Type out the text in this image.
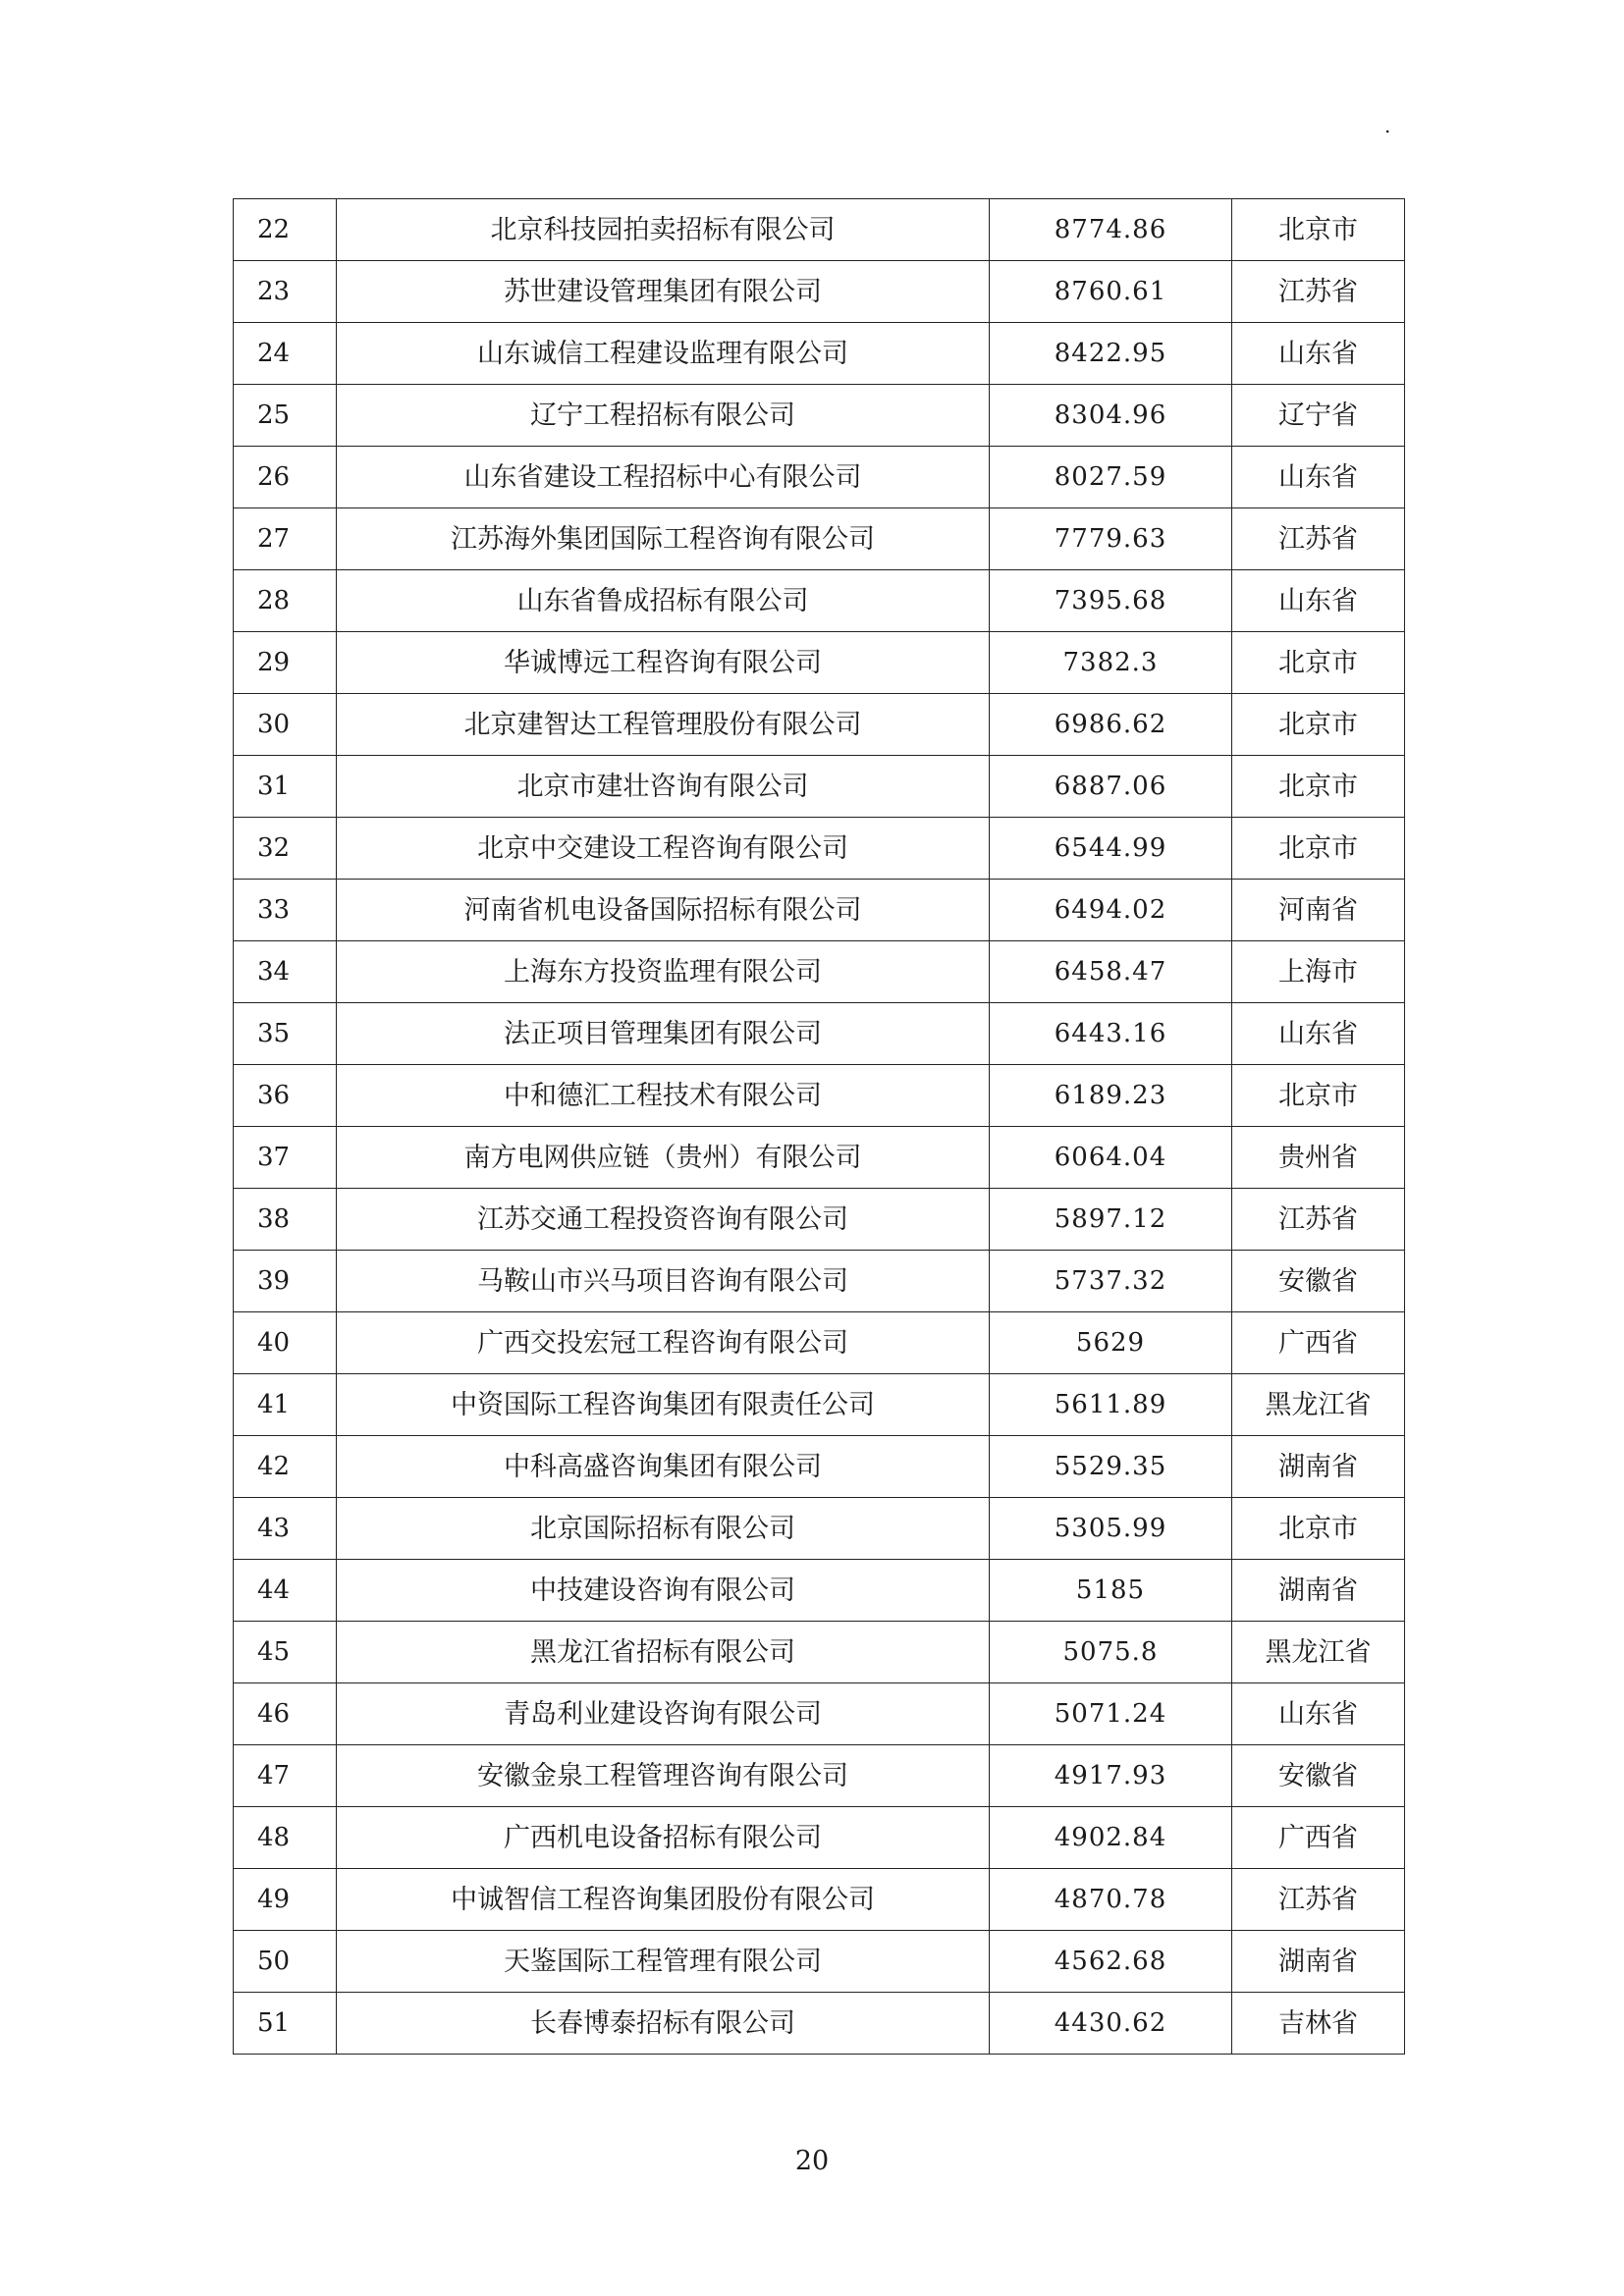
.
22	北京科技园拍卖招标有限公司	8774.86	北京市
23	苏世建设管理集团有限公司	8760.61	江苏省
24	山东诚信工程建设监理有限公司	8422.95	山东省
25	辽宁工程招标有限公司	8304.96	辽宁省
26	山东省建设工程招标中心有限公司	8027.59	山东省
27	江苏海外集团国际工程咨询有限公司	7779.63	江苏省
28	山东省鲁成招标有限公司	7395.68	山东省
29	华诚博远工程咨询有限公司	7382.3	北京市
30	北京建智达工程管理股份有限公司	6986.62	北京市
31	北京市建壮咨询有限公司	6887.06	北京市
32	北京中交建设工程咨询有限公司	6544.99	北京市
33	河南省机电设备国际招标有限公司	6494.02	河南省
34	上海东方投资监理有限公司	6458.47	上海市
35	法正项目管理集团有限公司	6443.16	山东省
36	中和德汇工程技术有限公司	6189.23	北京市
37	南方电网供应链（贵州）有限公司	6064.04	贵州省
38	江苏交通工程投资咨询有限公司	5897.12	江苏省
39	马鞍山市兴马项目咨询有限公司	5737.32	安徽省
40	广西交投宏冠工程咨询有限公司	5629	广西省
41	中资国际工程咨询集团有限责任公司	5611.89	黑龙江省
42	中科高盛咨询集团有限公司	5529.35	湖南省
43	北京国际招标有限公司	5305.99	北京市
44	中技建设咨询有限公司	5185	湖南省
45	黑龙江省招标有限公司	5075.8	黑龙江省
46	青岛利业建设咨询有限公司	5071.24	山东省
47	安徽金泉工程管理咨询有限公司	4917.93	安徽省
48	广西机电设备招标有限公司	4902.84	广西省
49	中诚智信工程咨询集团股份有限公司	4870.78	江苏省
50	天鉴国际工程管理有限公司	4562.68	湖南省
51	长春博泰招标有限公司	4430.62	吉林省
20
